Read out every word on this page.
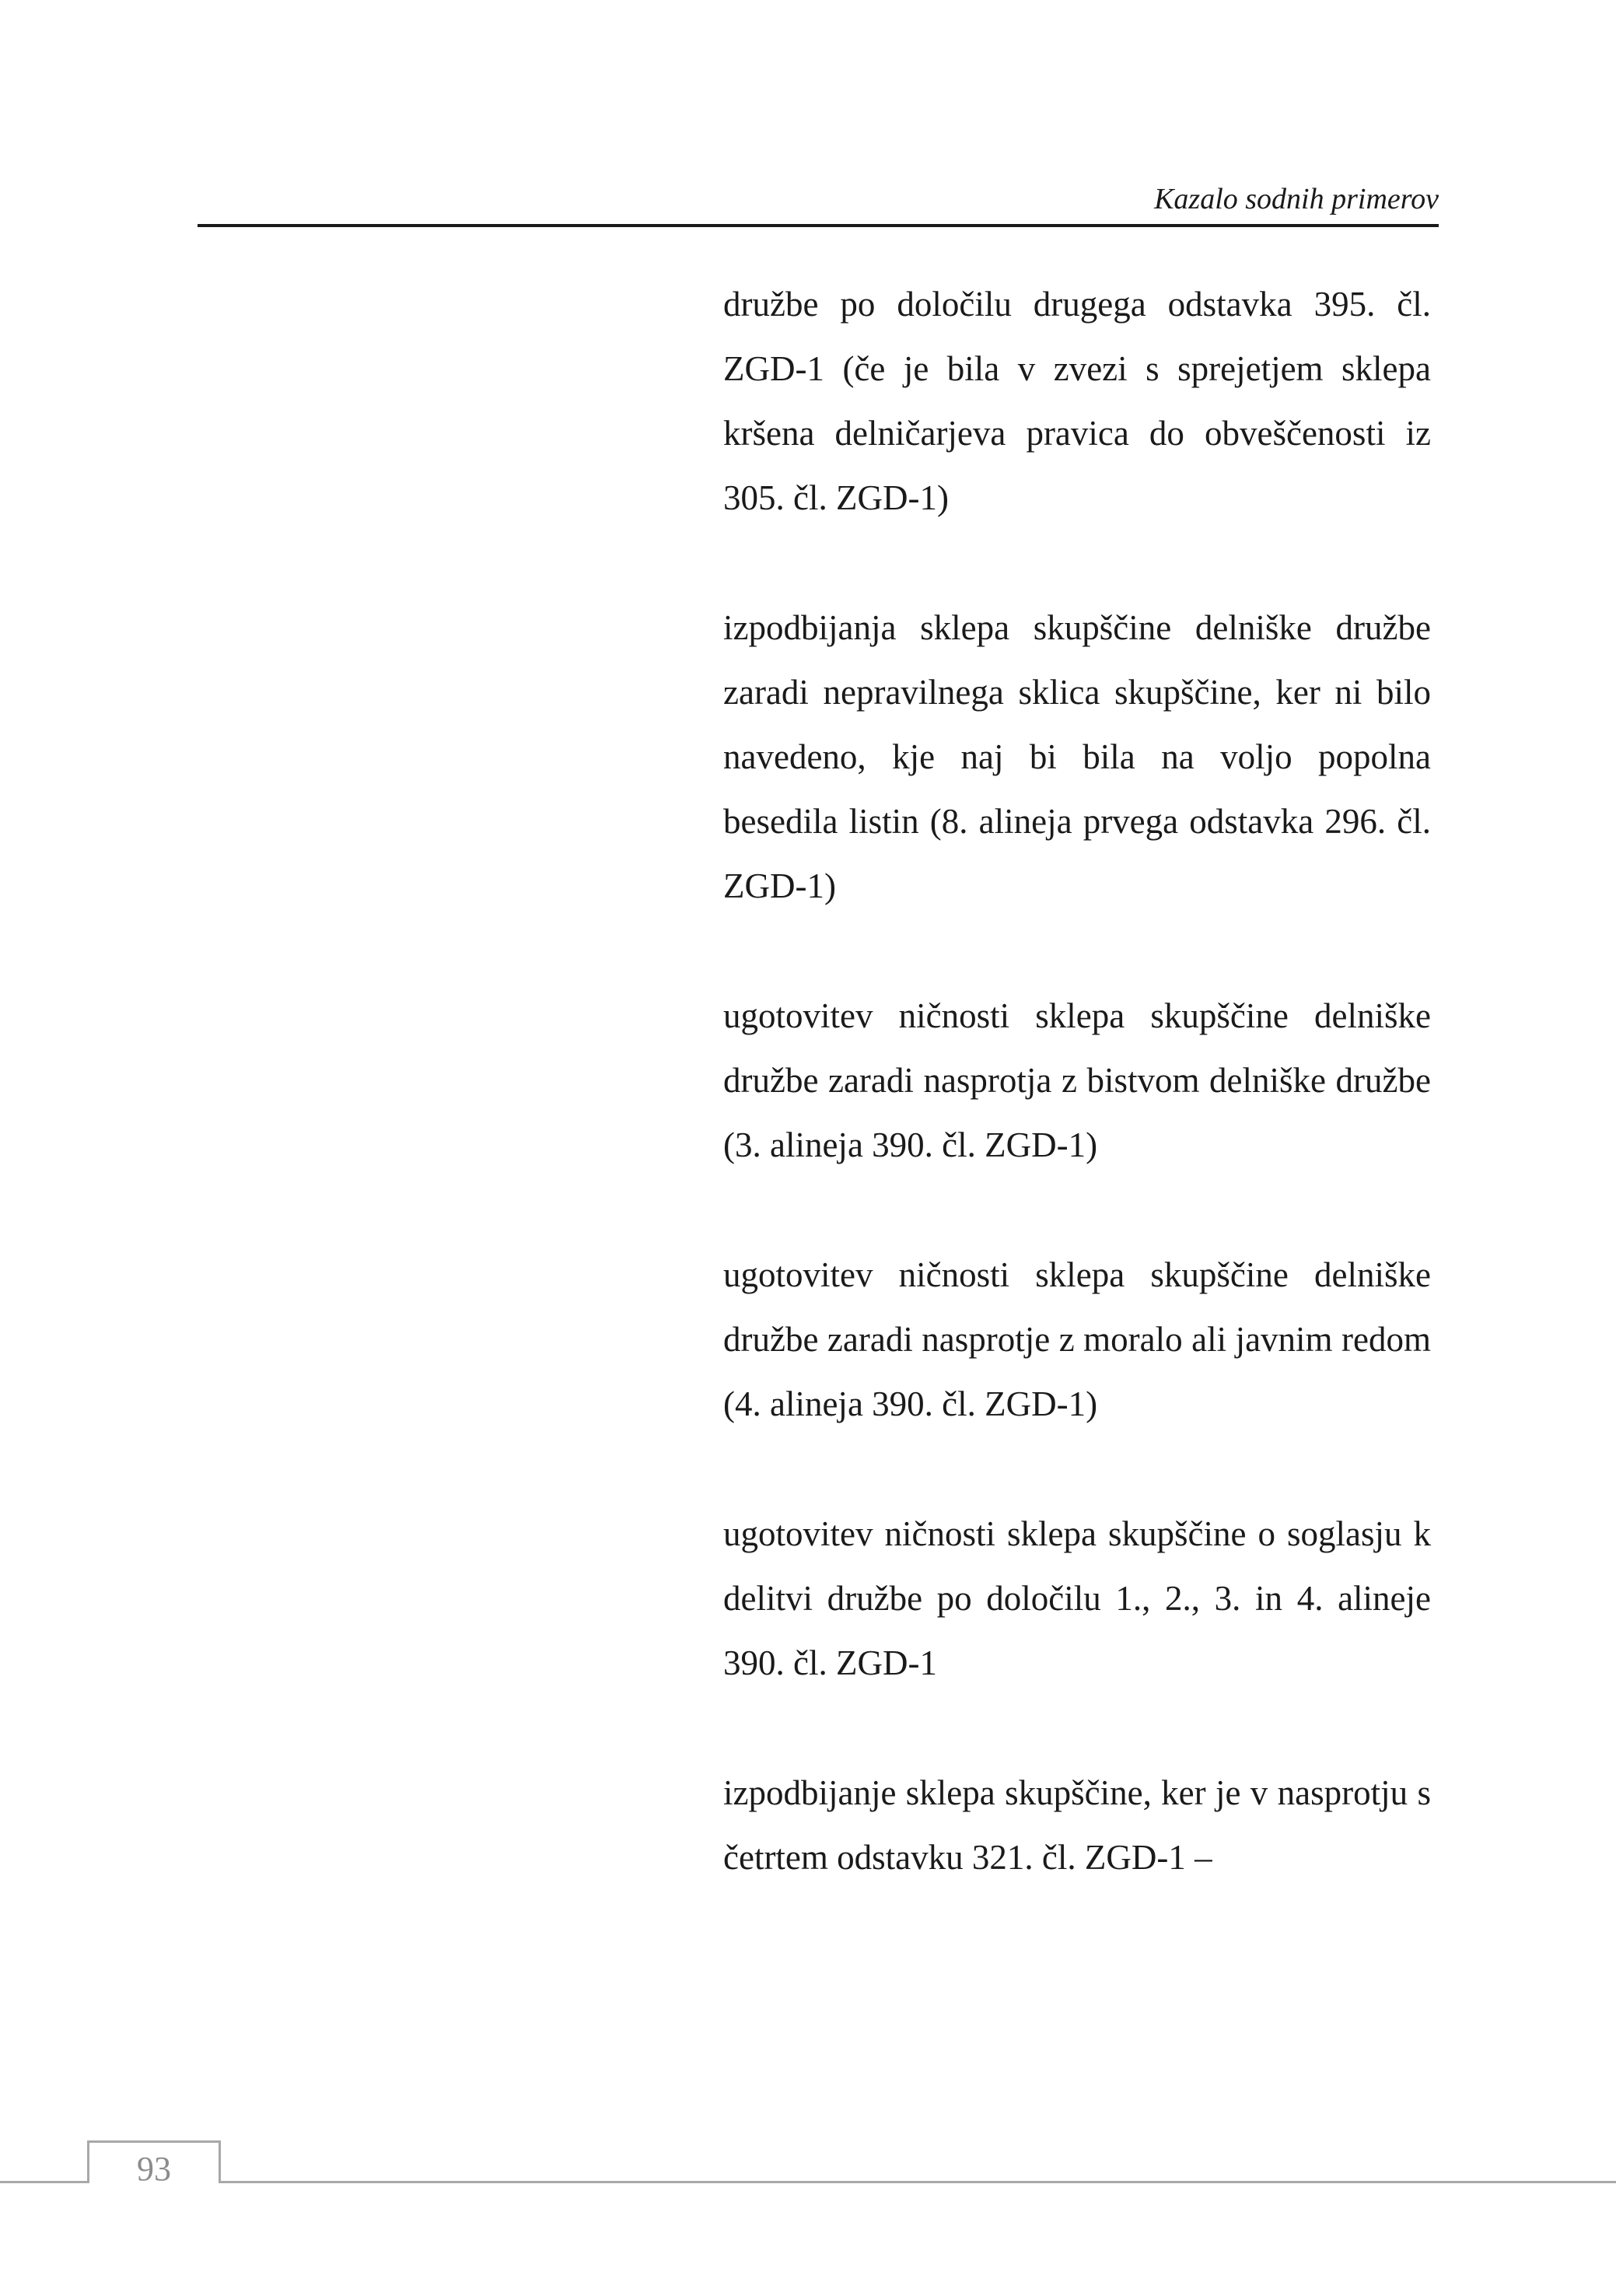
Kazalo sodnih primerov

družbe po določilu drugega odstavka 395. čl. ZGD-1 (če je bila v zvezi s sprejetjem sklepa kršena delničarjeva pravica do obveščenosti iz 305. čl. ZGD-1)

izpodbijanja sklepa skupščine delniške družbe zaradi nepravilnega sklica skupščine, ker ni bilo navedeno, kje naj bi bila na voljo popolna besedila listin (8. alineja prvega odstavka 296. čl. ZGD-1)

ugotovitev ničnosti sklepa skupščine delniške družbe zaradi nasprotja z bistvom delniške družbe (3. alineja 390. čl. ZGD-1)

ugotovitev ničnosti sklepa skupščine delniške družbe zaradi nasprotje z moralo ali javnim redom (4. alineja 390. čl. ZGD-1)

ugotovitev ničnosti sklepa skupščine o soglasju k delitvi družbe po določilu 1., 2., 3. in 4. alineje 390. čl. ZGD-1

izpodbijanje sklepa skupščine, ker je v nasprotju s četrtem odstavku 321. čl. ZGD-1 –

93
